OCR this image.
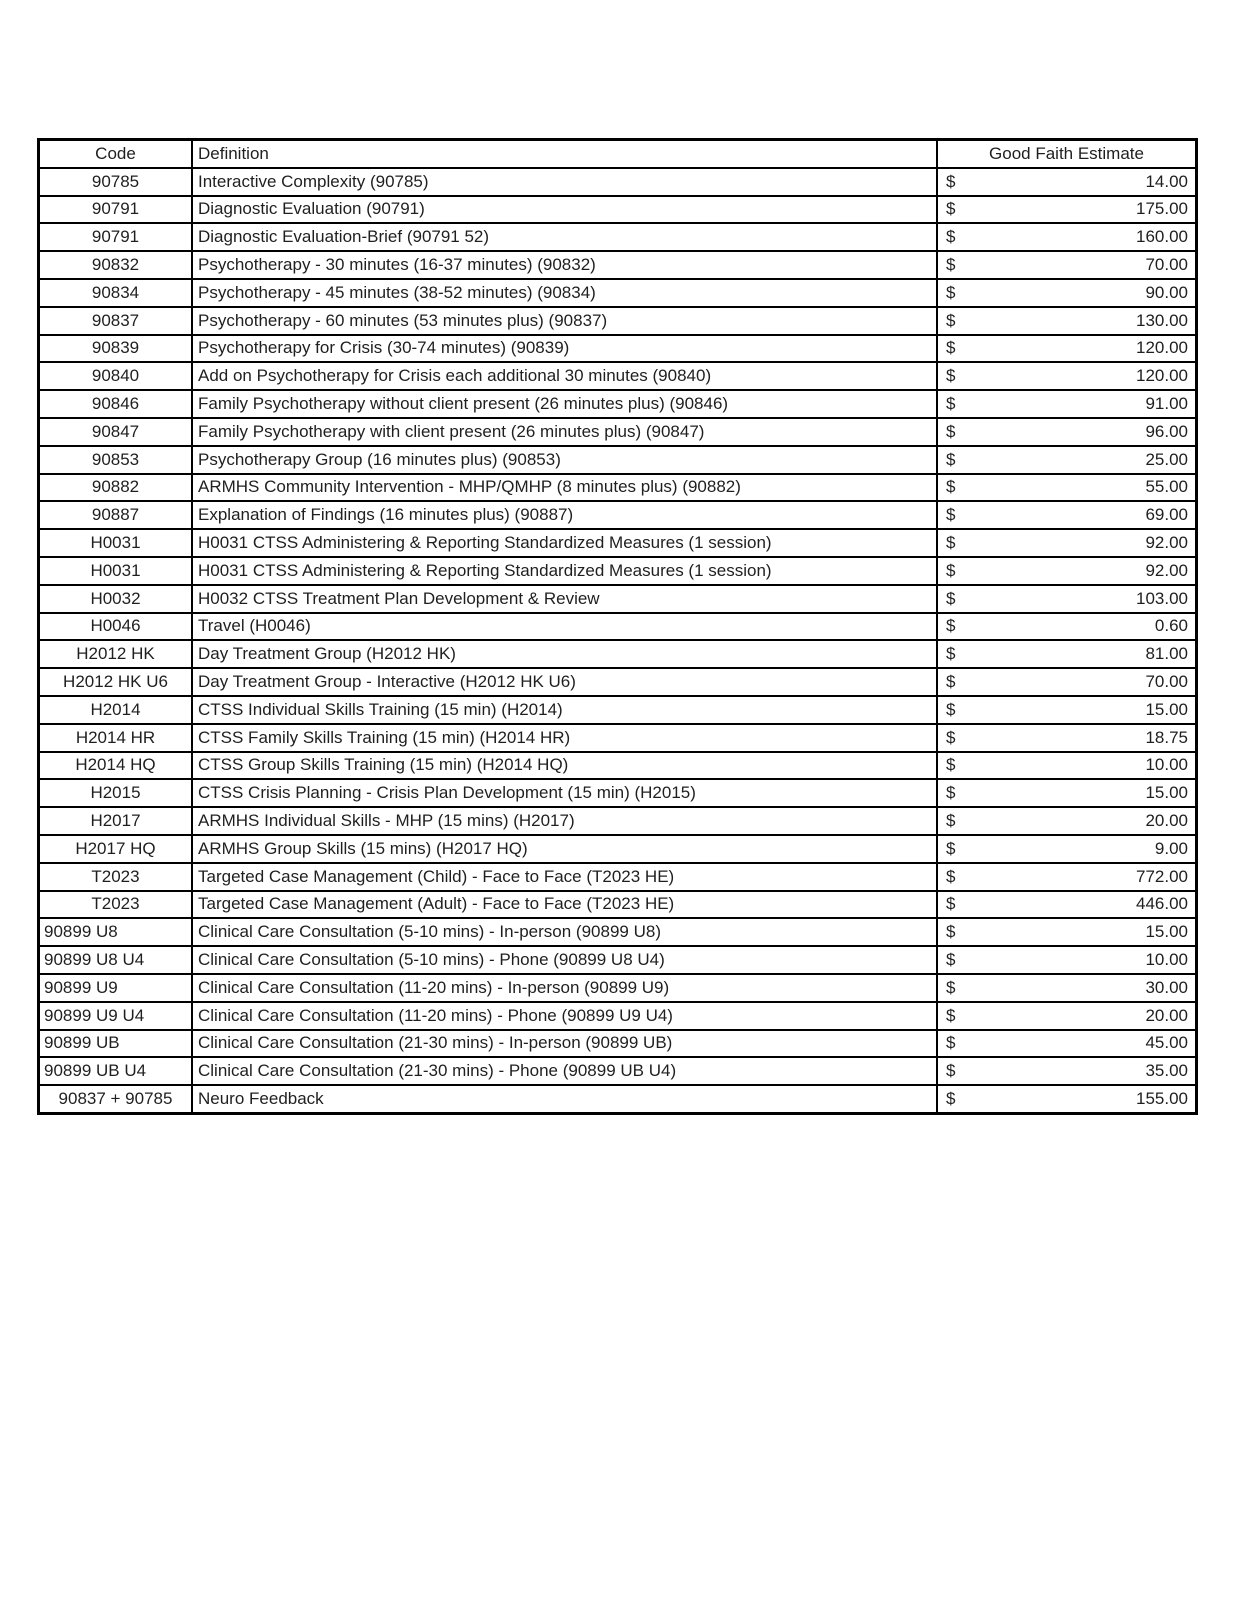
Code	Definition	Good Faith Estimate
90785	Interactive Complexity (90785)	$ 14.00

90791	Diagnostic Evaluation (90791)	$ 175.00

90791	Diagnostic Evaluation-Brief (90791 52)	$ 160.00

90832	Psychotherapy - 30 minutes (16-37 minutes) (90832)	$ 70.00

90834	Psychotherapy - 45 minutes (38-52 minutes) (90834)	$ 90.00

90837	Psychotherapy - 60 minutes (53 minutes plus) (90837)	$ 130.00

90839	Psychotherapy for Crisis (30-74 minutes) (90839)	$ 120.00

90840	Add on Psychotherapy for Crisis each additional 30 minutes (90840)	$ 120.00

90846	Family Psychotherapy without client present (26 minutes plus) (90846)	$ 91.00

90847	Family Psychotherapy with client present (26 minutes plus) (90847)	$ 96.00

90853	Psychotherapy Group (16 minutes plus) (90853)	$ 25.00

90882	ARMHS Community Intervention - MHP/QMHP (8 minutes plus) (90882)	$ 55.00

90887	Explanation of Findings (16 minutes plus) (90887)	$ 69.00

H0031	H0031 CTSS Administering & Reporting Standardized Measures (1 session)	$ 92.00

H0031	H0031 CTSS Administering & Reporting Standardized Measures (1 session)	$ 92.00

H0032	H0032 CTSS Treatment Plan Development & Review	$ 103.00

H0046	Travel (H0046)	$ 0.60

H2012 HK	Day Treatment Group (H2012 HK)	$ 81.00

H2012 HK U6	Day Treatment Group - Interactive (H2012 HK U6)	$ 70.00

H2014	CTSS Individual Skills Training (15 min) (H2014)	$ 15.00

H2014 HR	CTSS Family Skills Training (15 min) (H2014 HR)	$ 18.75

H2014 HQ	CTSS Group Skills Training (15 min) (H2014 HQ)	$ 10.00

H2015	CTSS Crisis Planning - Crisis Plan Development (15 min) (H2015)	$ 15.00

H2017	ARMHS Individual Skills - MHP (15 mins) (H2017)	$ 20.00

H2017 HQ	ARMHS Group Skills (15 mins) (H2017 HQ)	$ 9.00

T2023	Targeted Case Management (Child) - Face to Face (T2023 HE)	$ 772.00

T2023	Targeted Case Management (Adult) - Face to Face (T2023 HE)	$ 446.00

90899 U8	Clinical Care Consultation (5-10 mins) - In-person (90899 U8)	$ 15.00

90899 U8 U4	Clinical Care Consultation (5-10 mins) - Phone (90899 U8 U4)	$ 10.00

90899 U9	Clinical Care Consultation (11-20 mins) - In-person (90899 U9)	$ 30.00

90899 U9 U4	Clinical Care Consultation (11-20 mins) - Phone (90899 U9 U4)	$ 20.00

90899 UB	Clinical Care Consultation (21-30 mins) - In-person (90899 UB)	$ 45.00

90899 UB U4	Clinical Care Consultation (21-30 mins) - Phone (90899 UB U4)	$ 35.00

90837 + 90785	Neuro Feedback	$ 155.00
